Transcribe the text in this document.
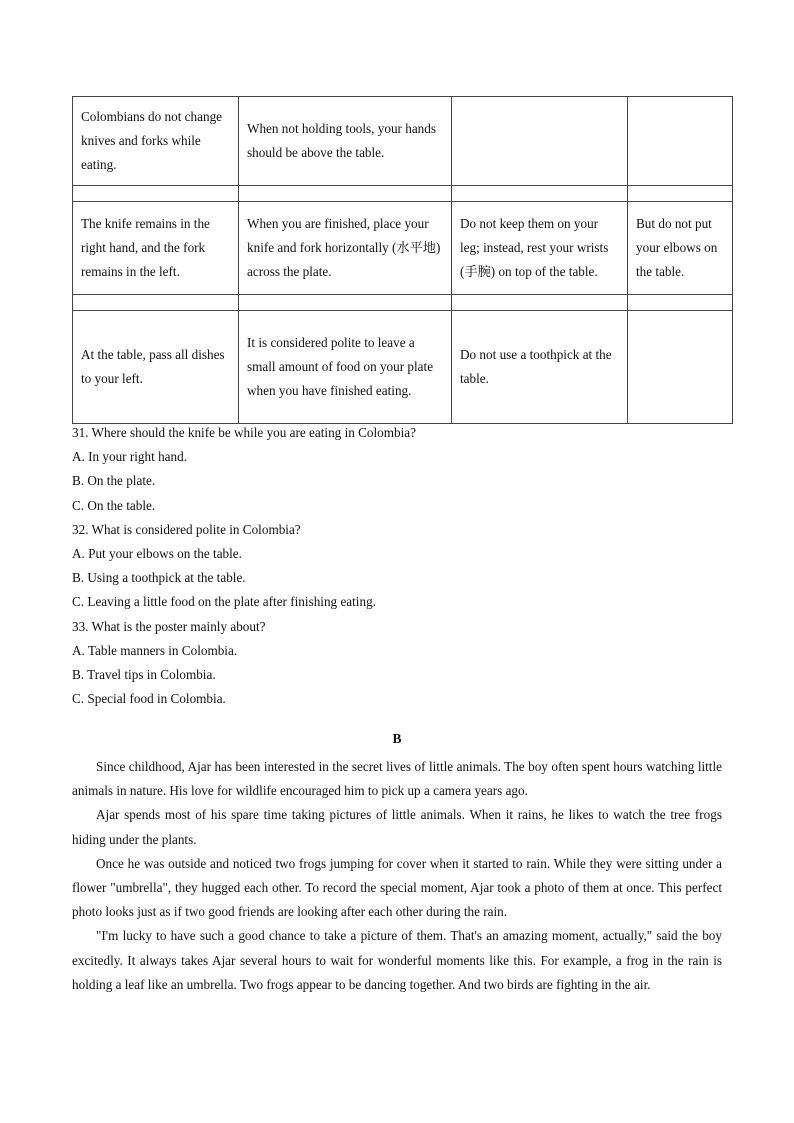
Colombians do not change knives and forks while eating.	When not holding tools, your hands should be above the table.		

The knife remains in the right hand, and the fork remains in the left.	When you are finished, place your knife and fork horizontally (水平地) across the plate.	Do not keep them on your leg; instead, rest your wrists (手腕) on top of the table.	But do not put your elbows on the table.

At the table, pass all dishes to your left.	It is considered polite to leave a small amount of food on your plate when you have finished eating.	Do not use a toothpick at the table.	
31. Where should the knife be while you are eating in Colombia?
A. In your right hand.
B. On the plate.
C. On the table.
32. What is considered polite in Colombia?
A. Put your elbows on the table.
B. Using a toothpick at the table.
C. Leaving a little food on the plate after finishing eating.
33. What is the poster mainly about?
A. Table manners in Colombia.
B. Travel tips in Colombia.
C. Special food in Colombia.
B

Since childhood, Ajar has been interested in the secret lives of little animals. The boy often spent hours watching little animals in nature. His love for wildlife encouraged him to pick up a camera years ago.

Ajar spends most of his spare time taking pictures of little animals. When it rains, he likes to watch the tree frogs hiding under the plants.

Once he was outside and noticed two frogs jumping for cover when it started to rain. While they were sitting under a flower "umbrella", they hugged each other. To record the special moment, Ajar took a photo of them at once. This perfect photo looks just as if two good friends are looking after each other during the rain.

"I'm lucky to have such a good chance to take a picture of them. That's an amazing moment, actually," said the boy excitedly. It always takes Ajar several hours to wait for wonderful moments like this. For example, a frog in the rain is holding a leaf like an umbrella. Two frogs appear to be dancing together. And two birds are fighting in the air.
